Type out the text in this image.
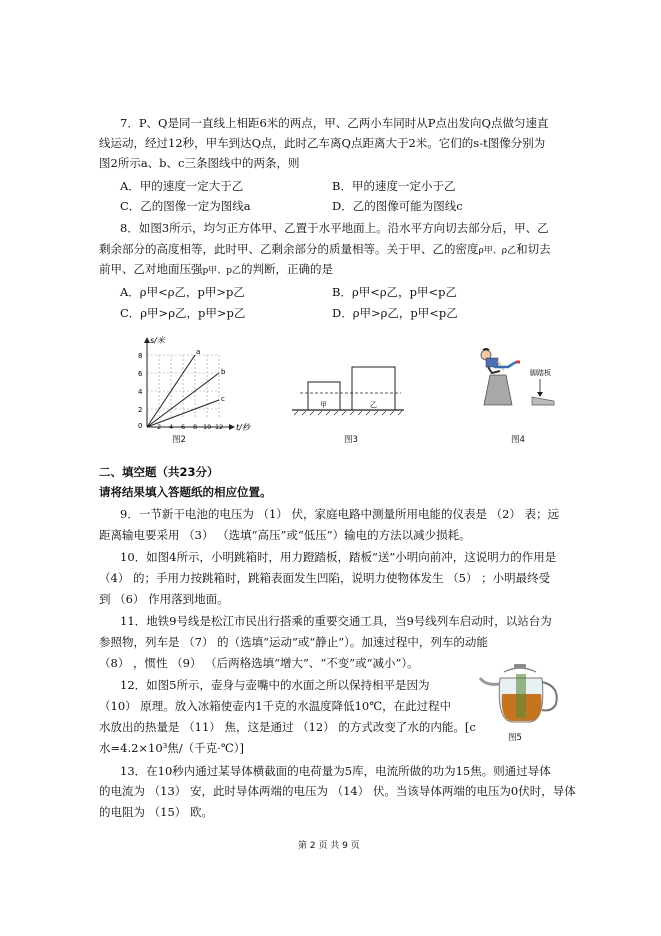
7．P、Q是同一直线上相距6米的两点，甲、乙两小车同时从P点出发向Q点做匀速直
线运动，经过12秒，甲车到达Q点，此时乙车离Q点距离大于2米。它们的s-t图像分别为
图2所示a、b、c三条图线中的两条，则
A．甲的速度一定大于乙	B．甲的速度一定小于乙
C．乙的图像一定为图线a	D．乙的图像可能为图线c
8．如图3所示，均匀正方体甲、乙置于水平地面上。沿水平方向切去部分后，甲、乙
剩余部分的高度相等，此时甲、乙剩余部分的质量相等。关于甲、乙的密度ρ甲、ρ乙和切去
前甲、乙对地面压强p甲、p乙的判断，正确的是
A．ρ甲<ρ乙，p甲>p乙	B．ρ甲<ρ乙，p甲<p乙
C．ρ甲>ρ乙，p甲>p乙	D．ρ甲>ρ乙，p甲<p乙
a
b
c
s/米
t/秒
8
6
4
2
0 2 4 6 8 10 12
图2
甲	乙
图3
脚踏板
图4
二、填空题（共23分）
请将结果填入答题纸的相应位置。
9．一节新干电池的电压为 （1） 伏，家庭电路中测量所用电能的仪表是 （2） 表；远
距离输电要采用 （3） （选填“高压”或“低压”）输电的方法以减少损耗。
10．如图4所示，小明跳箱时，用力蹬踏板，踏板“送”小明向前冲，这说明力的作用是
（4） 的；手用力按跳箱时，跳箱表面发生凹陷，说明力使物体发生 （5） ；小明最终受
到 （6） 作用落到地面。
11．地铁9号线是松江市民出行搭乘的重要交通工具，当9号线列车启动时，以站台为
参照物，列车是 （7） 的（选填“运动”或“静止”）。加速过程中，列车的动能
（8） ，惯性 （9） （后两格选填“增大”、“不变”或“减小”）。
12．如图5所示，壶身与壶嘴中的水面之所以保持相平是因为
（10） 原理。放入冰箱使壶内1千克的水温度降低10℃，在此过程中
水放出的热量是 （11） 焦，这是通过 （12） 的方式改变了水的内能。[c
水=4.2×10³焦/（千克·℃）]
图5
13．在10秒内通过某导体横截面的电荷量为5库，电流所做的功为15焦。则通过导体
的电流为 （13） 安，此时导体两端的电压为 （14） 伏。当该导体两端的电压为0伏时，导体
的电阻为 （15） 欧。
第 2 页 共 9 页
